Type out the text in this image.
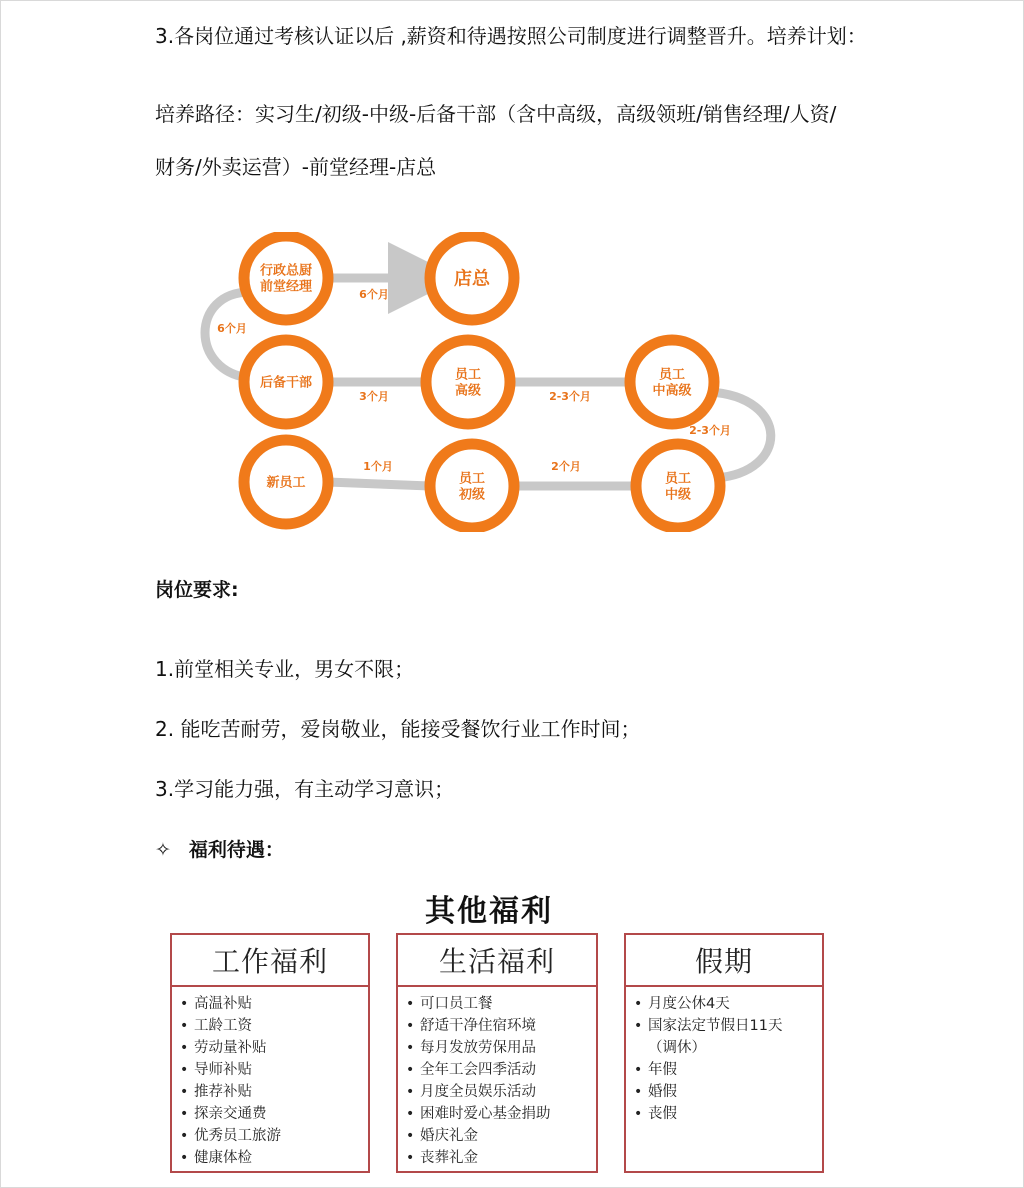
3.各岗位通过考核认证以后 ,薪资和待遇按照公司制度进行调整晋升。培养计划：

培养路径：实习生/初级-中级-后备干部（含中高级，高级领班/销售经理/人资/

财务/外卖运营）-前堂经理-店总

行政总厨
前堂经理	店总
后备干部
员工
高级
员工
中高级
新员工	员工
初级
员工
中级
6个月
6个月
3个月	2-3个月
2-3个月
1个月	2个月

岗位要求:

1.前堂相关专业，男女不限；

2. 能吃苦耐劳，爱岗敬业，能接受餐饮行业工作时间；

3.学习能力强，有主动学习意识；

✧ 福利待遇：

其他福利
工作福利
• 高温补贴
• 工龄工资
• 劳动量补贴
• 导师补贴
• 推荐补贴
• 探亲交通费
• 优秀员工旅游
• 健康体检
生活福利
• 可口员工餐
• 舒适干净住宿环境
• 每月发放劳保用品
• 全年工会四季活动
• 月度全员娱乐活动
• 困难时爱心基金捐助
• 婚庆礼金
• 丧葬礼金
假期
• 月度公休4天
• 国家法定节假日11天（调休）
• 年假
• 婚假
• 丧假
